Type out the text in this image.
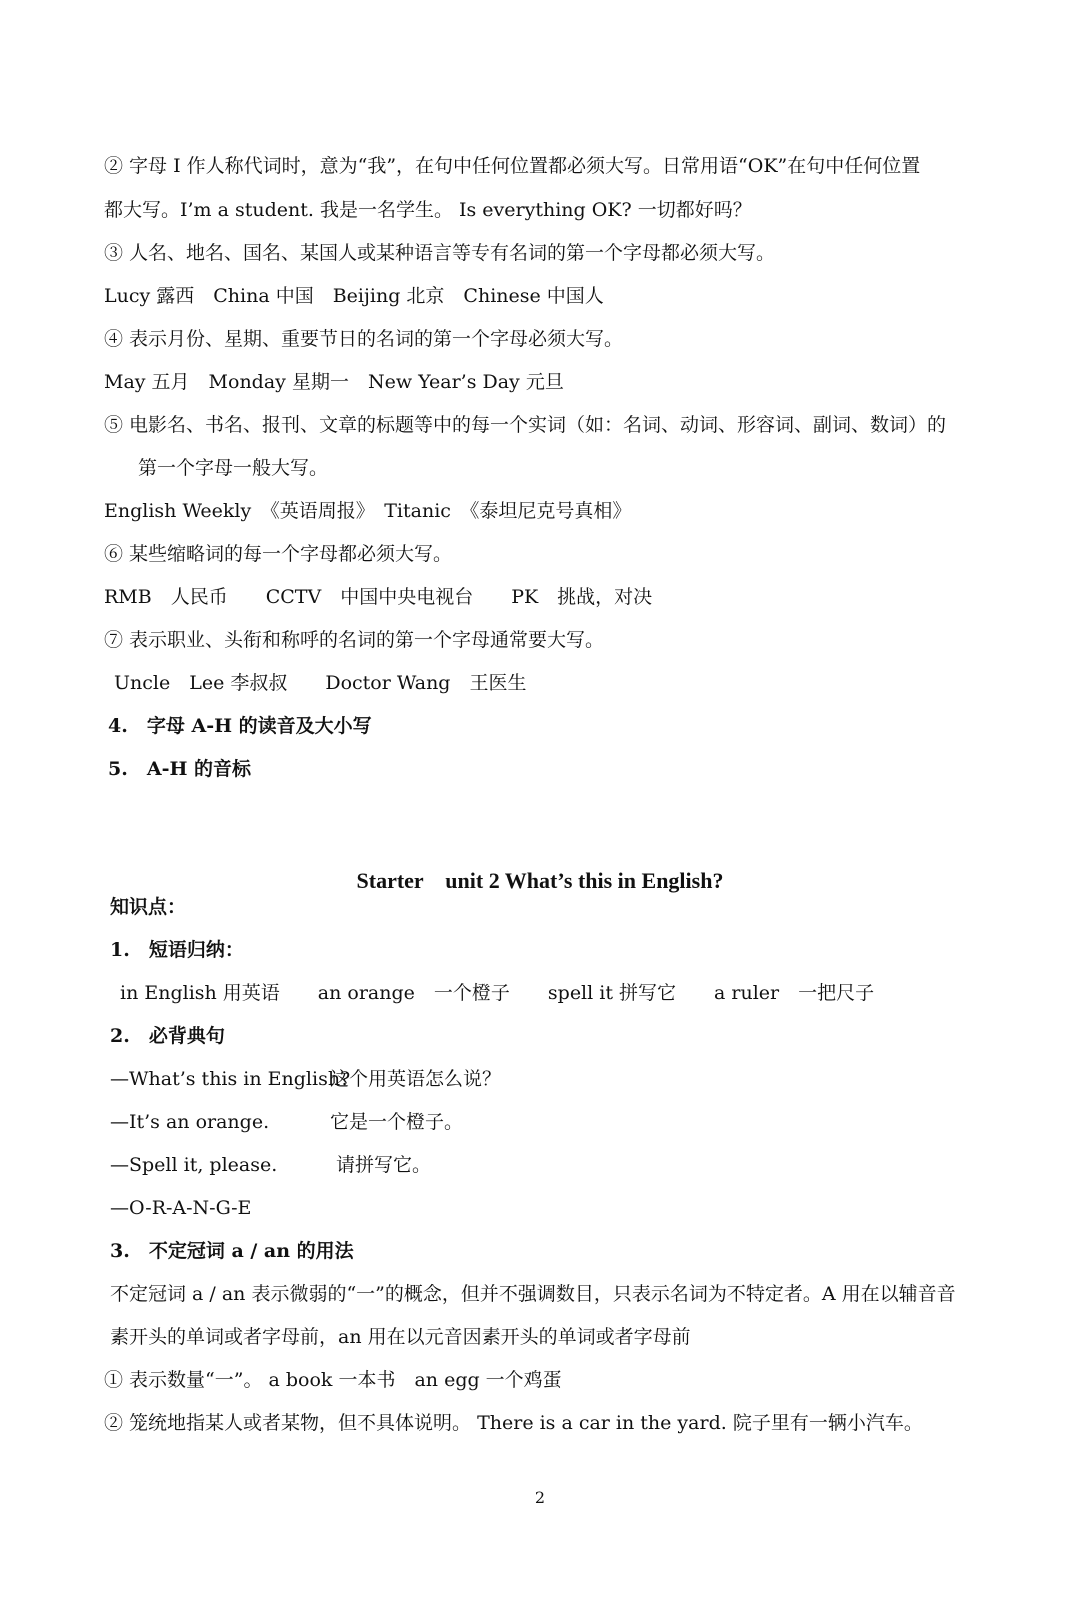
② 字母 I 作人称代词时，意为“我”，在句中任何位置都必须大写。日常用语“OK”在句中任何位置
都大写。I’m a student. 我是一名学生。 Is everything OK? 一切都好吗？
③ 人名、地名、国名、某国人或某种语言等专有名词的第一个字母都必须大写。
Lucy 露西　China 中国　Beijing 北京　Chinese 中国人
④ 表示月份、星期、重要节日的名词的第一个字母必须大写。
May 五月　Monday 星期一　New Year’s Day 元旦
⑤ 电影名、书名、报刊、文章的标题等中的每一个实词（如：名词、动词、形容词、副词、数词）的
第一个字母一般大写。
English Weekly　《英语周报》　Titanic　《泰坦尼克号真相》
⑥ 某些缩略词的每一个字母都必须大写。
RMB　人民币　　CCTV　中国中央电视台　　PK　挑战，对决
⑦ 表示职业、头衔和称呼的名词的第一个字母通常要大写。
Uncle　Lee 李叔叔　　Doctor Wang　王医生
4.　字母 A-H 的读音及大小写
5.　A-H 的音标
Starter　unit 2 What’s this in English?
知识点：
1.　短语归纳：
in English 用英语　　an orange　一个橙子　　spell it 拼写它　　a ruler　一把尺子
2.　必背典句
—What’s this in English?
这个用英语怎么说？
—It’s an orange.	它是一个橙子。
—Spell it, please.	请拼写它。
—O-R-A-N-G-E
3.　不定冠词 a / an 的用法
不定冠词 a / an 表示微弱的“一”的概念，但并不强调数目，只表示名词为不特定者。A 用在以辅音音
素开头的单词或者字母前，an 用在以元音因素开头的单词或者字母前
① 表示数量“一”。 a book 一本书　an egg 一个鸡蛋
② 笼统地指某人或者某物，但不具体说明。 There is a car in the yard. 院子里有一辆小汽车。
2
